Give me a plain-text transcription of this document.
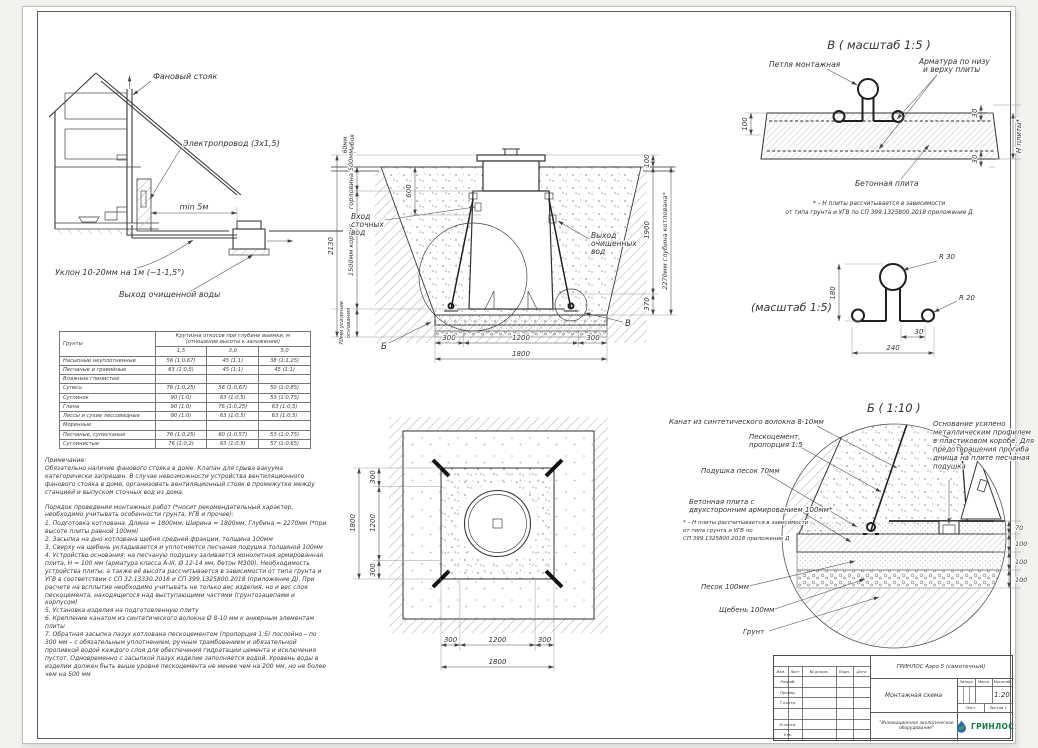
min 5м
Фановый стояк
Электропровод (3х1,5)
Уклон 10-20мм на 1м (~1-1,5°)
Выход очищенной воды
2130
60мм грибок
горловина 500мм
1500мм корпус
70мм усиление основания
600
100
1900
370
2270мм глубина котлована*
300	1200	300
1800
Вход
сточных
вод	Выход
очищенных
вод
Б
В
В ( масштаб 1:5 )
100
30
30
Н плиты*
Петля монтажная	Арматура по низу
и верху плиты
Бетонная плита
* – Н плиты рассчитывается в зависимости
от типа грунта и УГВ по СП 399.1325800.2018 приложение Д
(масштаб 1:5)
180
R 30
R 20
30
240
1800
300
1200
300
300	1200	300
1800
Б ( 1:10 )
Канат из синтетического волокна 8-10мм
Пескоцемент,
пропорция 1:5
Подушка песок 70мм
Бетонная плита с
двухсторонним армированием 100мм*
* – Н плиты рассчитывается в зависимости
от типа грунта и УГВ по
СП 399.1325800.2018 приложение Д
Песок 100мм
Щебень 100мм
Грунт
Основание усилено
металлическим профилем
в пластиковом коробе. Для
предотвращения прогиба
днища на плите песчаная
подушка
70
100
100
100
Грунты	Крутизна откосов при глубине выемки, м
(отношение высоты к заложению)		

	1,5	3,0	5,0
Насыпные неуплотненные	56 (1:0,67)	45 (1:1)	38 (1:1,25)
Песчаные и гравийные	63 (1:0,5)	45 (1:1)	45 (1:1)
Влажные глинистые			
Супесь	76 (1:0,25)	56 (1:0,67)	50 (1:0,85)
Суглинок	90 (1:0)	63 (1:0,5)	53 (1:0,75)
Глина	90 (1:0)	76 (1:0,25)	63 (1:0,5)
Лессы и сухие лессовидные	90 (1:0)	63 (1:0,5)	63 (1:0,5)
Моренные			
Песчаные, супесчаные	76 (1:0,25)	60 (1:0,57)	53 (1:0,75)
Суглинистые	76 (1:0,2)	63 (1:0,5)	57 (1:0,65)
Примечание:

Обязательно наличие фанового стояка в доме. Клапан для срыва вакуума категорически запрещен. В случае невозможности устройства вентиляционного фанового стояка в доме, организовать вентиляционный стояк в промежутке между станцией и выпуском сточных вод из дома.

Порядок проведения монтажных работ (*носит рекомендательный характер, необходимо учитывать особенности грунта, УГВ и прочее):

1. Подготовка котлована: Длина = 1800мм, Ширина = 1800мм, Глубина = 2270мм (*при высоте плиты равной 100мм)
2. Засыпка на дно котлована щебня средней фракции, толщина 100мм
3. Сверху на щебень укладывается и уплотняется песчаная подушка толщиной 100мм
4. Устройство основания: на песчаную подушку заливается монолитная армированная плита, Н = 100 мм (арматура класса А-III, Ø 12-14 мм, бетон М300). Необходимость устройства плиты, а также её высота рассчитывается в зависимости от типа грунта и УГВ в соответствии с СП 32.13330.2018 и СП 399.1325800.2018 (приложение Д). При расчете на всплытие необходимо учитывать не только вес изделия, но и вес слоя пескоцемента, находящегося над выступающими частями (грунтозацепами и корпусом)
5. Установка изделия на подготовленную плиту
6. Крепление канатом из синтетического волокна Ø 8-10 мм к анкерным элементам плиты
7. Обратная засыпка пазух котлована пескоцементом (пропорция 1:5) послойно – по 300 мм – с обязательным уплотнением, ручным трамбованием и обязательной проливкой водой каждого слоя для обеспечения гидратации цемента и исключения пустот. Одновременно с засыпкой пазух изделие заполняется водой. Уровень воды в изделии должен быть выше уровня пескоцемента не менее чем на 200 мм, но не более чем на 500 мм	Изм.	Лист	№ докум.	Подп.	Дата
Разраб.
Провер.
Т.контр.
Н.контр.
Утв.
ГРИНЛОС Аэро 5 (самотечный)
Монтажная схема
Литера	Масса	Масштаб
1:20
Лист	Листов 1
"Инновационное экологическое оборудование"	ГРИНЛОС
